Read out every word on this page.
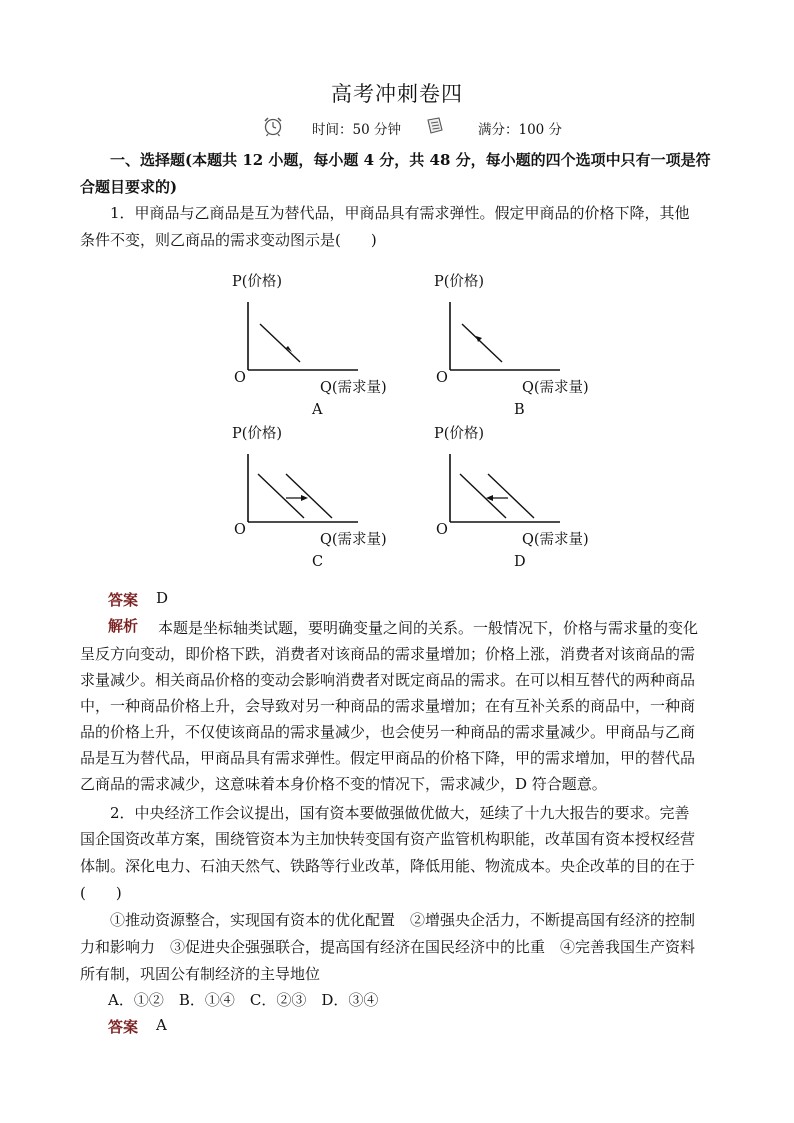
高考冲刺卷四
时间：50 分钟	满分：100 分
一、选择题(本题共 12 小题，每小题 4 分，共 48 分，每小题的四个选项中只有一项是符
合题目要求的)
1．甲商品与乙商品是互为替代品，甲商品具有需求弹性。假定甲商品的价格下降，其他
条件不变，则乙商品的需求变动图示是(　　)
P(价格)
O
Q(需求量)
A
P(价格)
O
Q(需求量)
B
P(价格)
O
Q(需求量)
C
P(价格)
O
Q(需求量)
D
答案 D
解析 本题是坐标轴类试题，要明确变量之间的关系。一般情况下，价格与需求量的变化
呈反方向变动，即价格下跌，消费者对该商品的需求量增加；价格上涨，消费者对该商品的需
求量减少。相关商品价格的变动会影响消费者对既定商品的需求。在可以相互替代的两种商品
中，一种商品价格上升，会导致对另一种商品的需求量增加；在有互补关系的商品中，一种商
品的价格上升，不仅使该商品的需求量减少，也会使另一种商品的需求量减少。甲商品与乙商
品是互为替代品，甲商品具有需求弹性。假定甲商品的价格下降，甲的需求增加，甲的替代品
乙商品的需求减少，这意味着本身价格不变的情况下，需求减少，D 符合题意。
2．中央经济工作会议提出，国有资本要做强做优做大，延续了十九大报告的要求。完善
国企国资改革方案，围绕管资本为主加快转变国有资产监管机构职能，改革国有资本授权经营
体制。深化电力、石油天然气、铁路等行业改革，降低用能、物流成本。央企改革的目的在于
(　　)
①推动资源整合，实现国有资本的优化配置　②增强央企活力，不断提高国有经济的控制
力和影响力　③促进央企强强联合，提高国有经济在国民经济中的比重　④完善我国生产资料
所有制，巩固公有制经济的主导地位
A．①②　B．①④　C．②③　D．③④
答案 A
